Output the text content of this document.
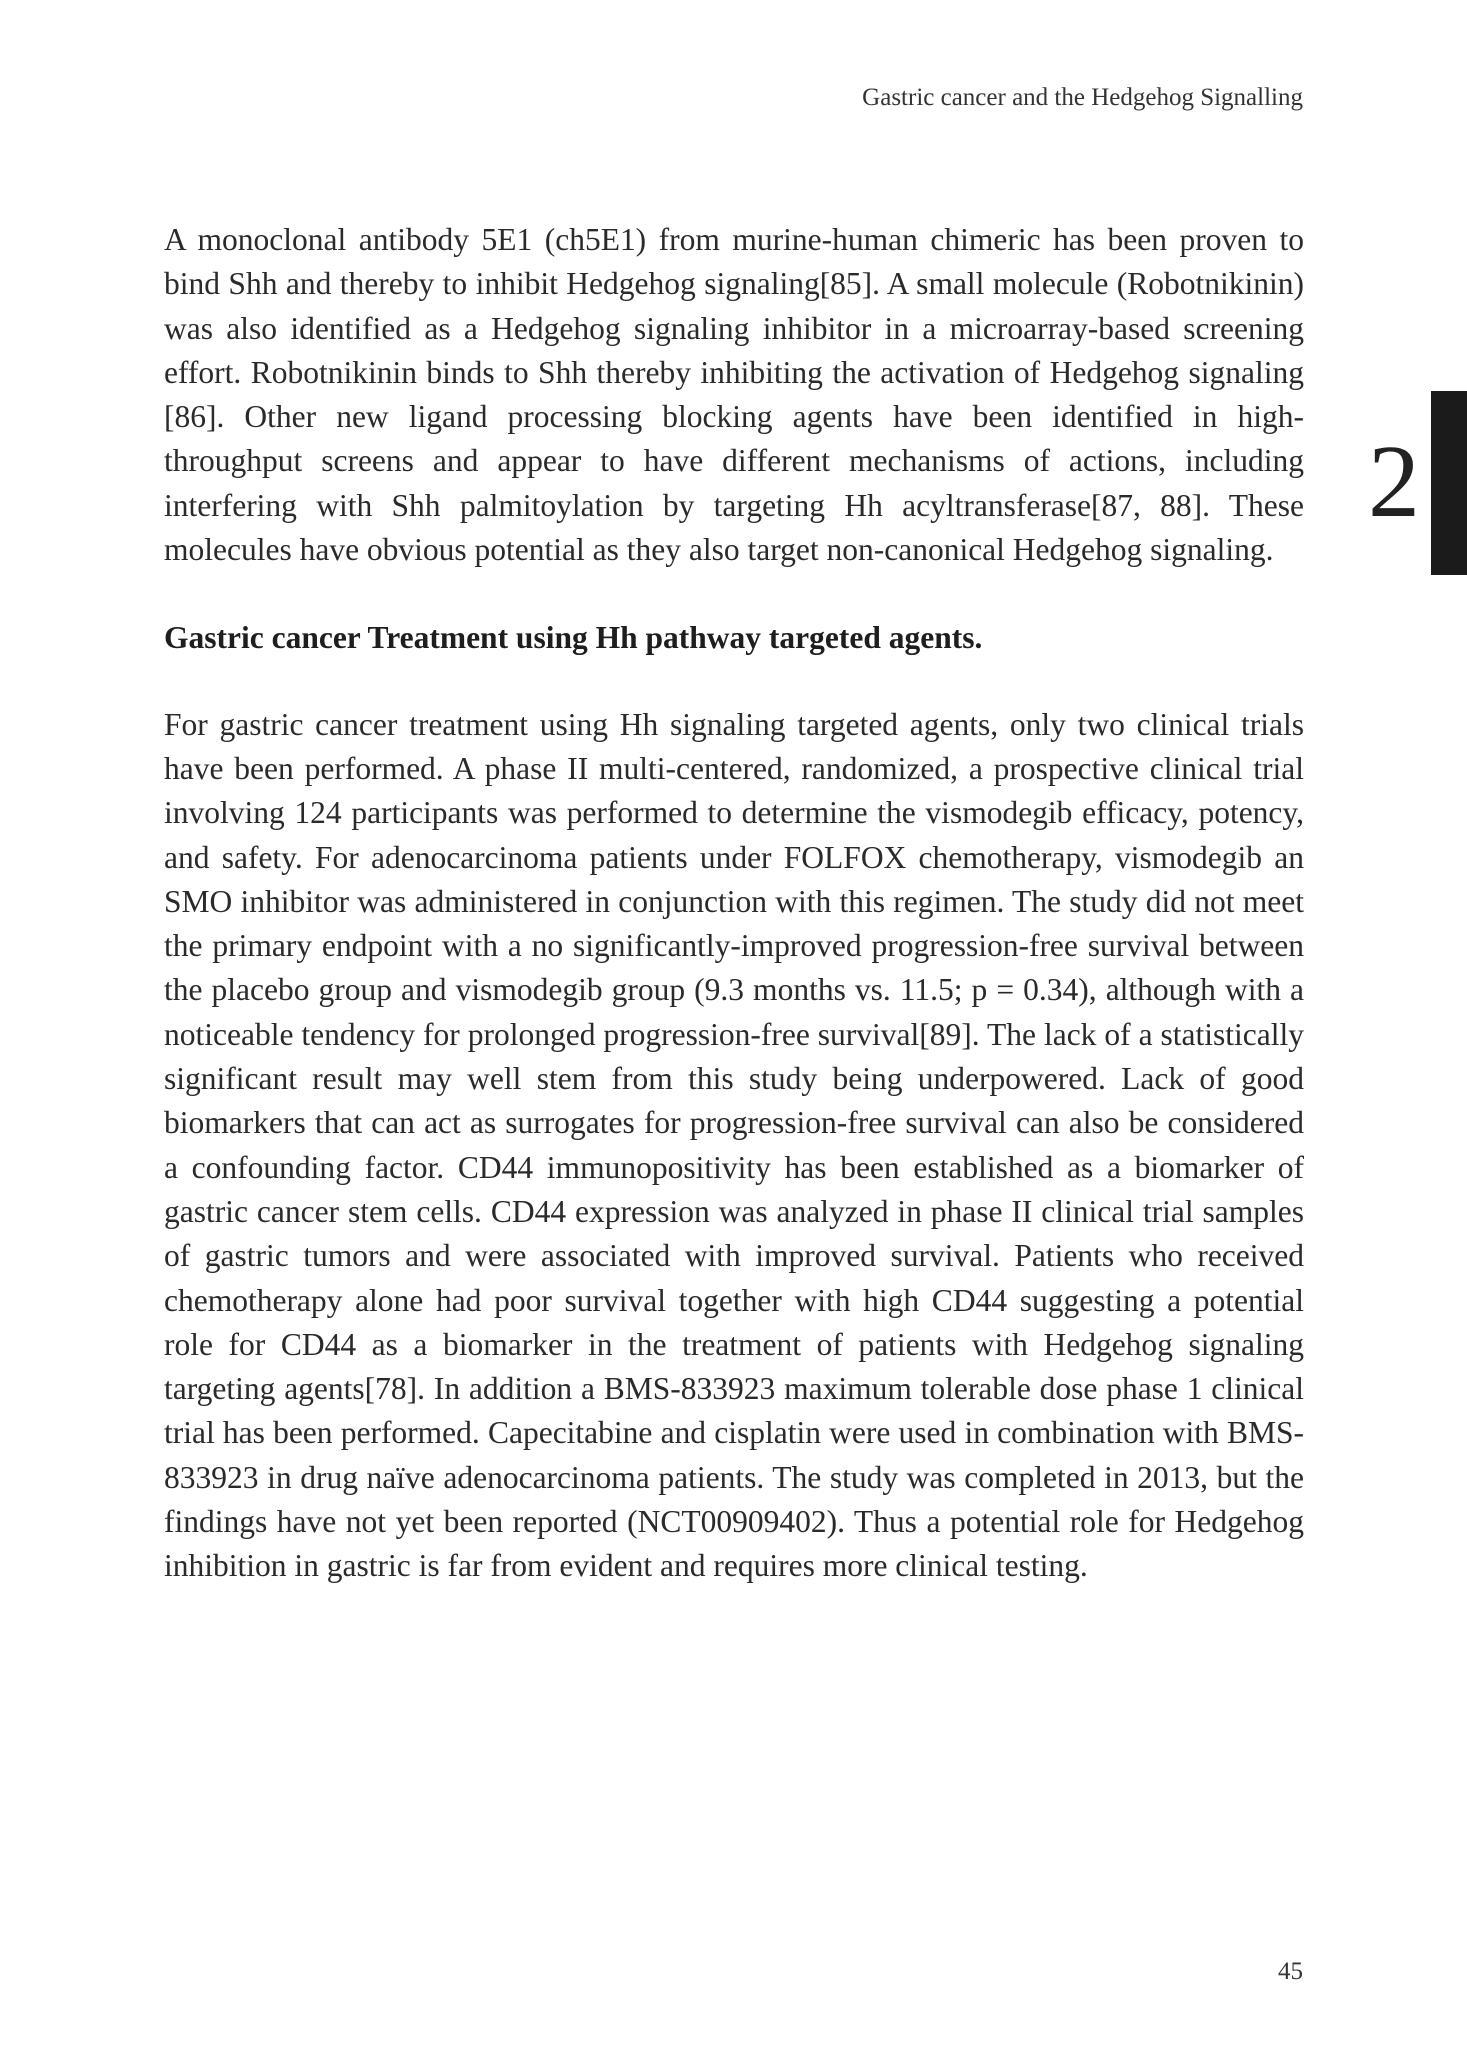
Gastric cancer and the Hedgehog Signalling
2

A monoclonal antibody 5E1 (ch5E1) from murine-human chimeric has been proven to bind Shh and thereby to inhibit Hedgehog signaling[85]. A small molecule (Robotnikinin) was also identified as a Hedgehog signaling inhibitor in a microarray-based screening effort. Robotnikinin binds to Shh thereby inhibiting the activation of Hedgehog signaling [86]. Other new ligand processing blocking agents have been identified in high-throughput screens and appear to have different mechanisms of actions, including interfering with Shh palmitoylation by targeting Hh acyltransferase[87, 88]. These molecules have obvious potential as they also target non-canonical Hedgehog signaling.

Gastric cancer Treatment using Hh pathway targeted agents.

For gastric cancer treatment using Hh signaling targeted agents, only two clinical trials have been performed. A phase II multi-centered, randomized, a prospective clinical trial involving 124 participants was performed to determine the vismodegib efficacy, potency, and safety. For adenocarcinoma patients under FOLFOX chemotherapy, vismodegib an SMO inhibitor was administered in conjunction with this regimen. The study did not meet the primary endpoint with a no significantly-improved progression-free survival between the placebo group and vismodegib group (9.3 months vs. 11.5; p = 0.34), although with a noticeable tendency for prolonged progression-free survival[89]. The lack of a statistically significant result may well stem from this study being underpowered. Lack of good biomarkers that can act as surrogates for progression-free survival can also be considered a confounding factor. CD44 immunopositivity has been established as a biomarker of gastric cancer stem cells. CD44 expression was analyzed in phase II clinical trial samples of gastric tumors and were associated with improved survival. Patients who received chemotherapy alone had poor survival together with high CD44 suggesting a potential role for CD44 as a biomarker in the treatment of patients with Hedgehog signaling targeting agents[78]. In addition a BMS-833923 maximum tolerable dose phase 1 clinical trial has been performed. Capecitabine and cisplatin were used in combination with BMS-833923 in drug naïve adenocarcinoma patients. The study was completed in 2013, but the findings have not yet been reported (NCT00909402). Thus a potential role for Hedgehog inhibition in gastric is far from evident and requires more clinical testing.

45
